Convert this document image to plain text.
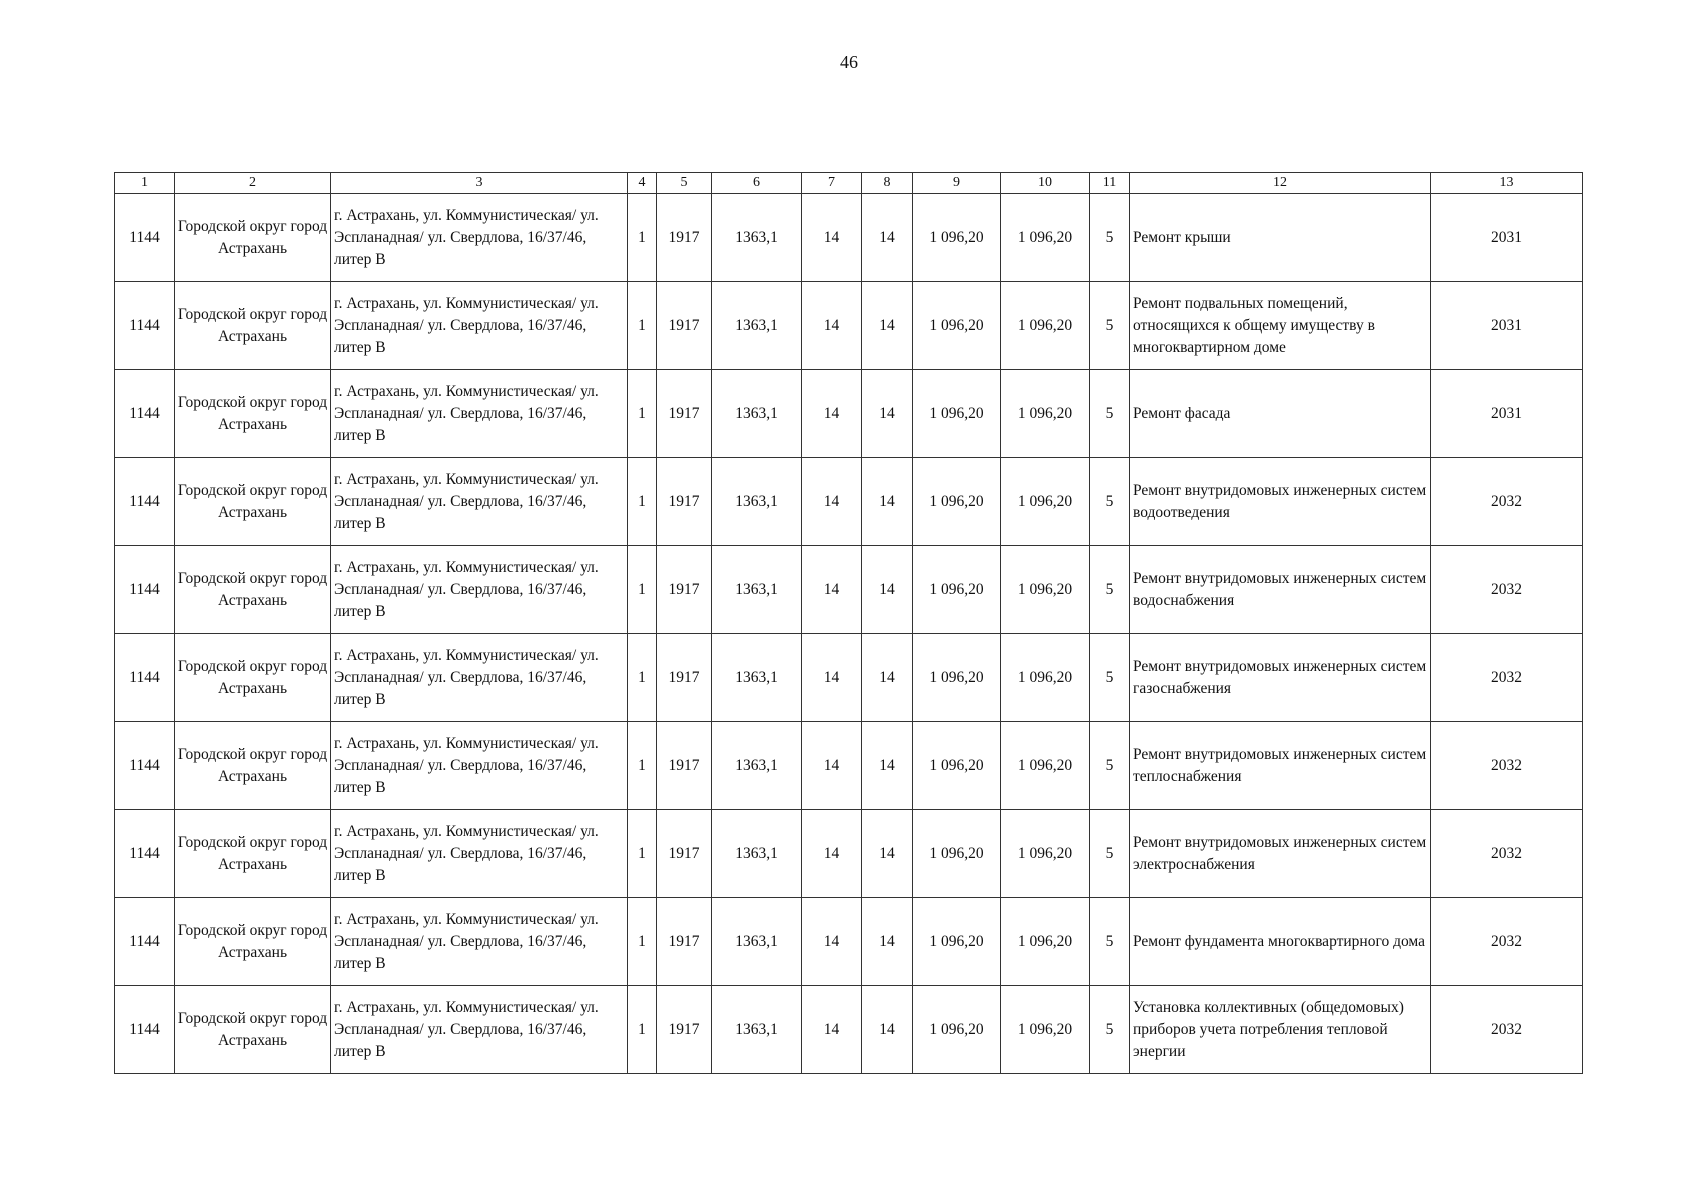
46
1	2	3	4	5	6	7	8	9	10	11	12	13
1144	Городской округ город Астрахань	г. Астрахань, ул. Коммунистическая/ ул. Эспланадная/ ул. Свердлова, 16/37/46, литер В	1	1917	1363,1	14	14	1 096,20	1 096,20	5	Ремонт крыши	2031
1144	Городской округ город Астрахань	г. Астрахань, ул. Коммунистическая/ ул. Эспланадная/ ул. Свердлова, 16/37/46, литер В	1	1917	1363,1	14	14	1 096,20	1 096,20	5	Ремонт подвальных помещений, относящихся к общему имуществу в многоквартирном доме	2031
1144	Городской округ город Астрахань	г. Астрахань, ул. Коммунистическая/ ул. Эспланадная/ ул. Свердлова, 16/37/46, литер В	1	1917	1363,1	14	14	1 096,20	1 096,20	5	Ремонт фасада	2031
1144	Городской округ город Астрахань	г. Астрахань, ул. Коммунистическая/ ул. Эспланадная/ ул. Свердлова, 16/37/46, литер В	1	1917	1363,1	14	14	1 096,20	1 096,20	5	Ремонт внутридомовых инженерных систем водоотведения	2032
1144	Городской округ город Астрахань	г. Астрахань, ул. Коммунистическая/ ул. Эспланадная/ ул. Свердлова, 16/37/46, литер В	1	1917	1363,1	14	14	1 096,20	1 096,20	5	Ремонт внутридомовых инженерных систем водоснабжения	2032
1144	Городской округ город Астрахань	г. Астрахань, ул. Коммунистическая/ ул. Эспланадная/ ул. Свердлова, 16/37/46, литер В	1	1917	1363,1	14	14	1 096,20	1 096,20	5	Ремонт внутридомовых инженерных систем газоснабжения	2032
1144	Городской округ город Астрахань	г. Астрахань, ул. Коммунистическая/ ул. Эспланадная/ ул. Свердлова, 16/37/46, литер В	1	1917	1363,1	14	14	1 096,20	1 096,20	5	Ремонт внутридомовых инженерных систем теплоснабжения	2032
1144	Городской округ город Астрахань	г. Астрахань, ул. Коммунистическая/ ул. Эспланадная/ ул. Свердлова, 16/37/46, литер В	1	1917	1363,1	14	14	1 096,20	1 096,20	5	Ремонт внутридомовых инженерных систем электроснабжения	2032
1144	Городской округ город Астрахань	г. Астрахань, ул. Коммунистическая/ ул. Эспланадная/ ул. Свердлова, 16/37/46, литер В	1	1917	1363,1	14	14	1 096,20	1 096,20	5	Ремонт фундамента многоквартирного дома	2032
1144	Городской округ город Астрахань	г. Астрахань, ул. Коммунистическая/ ул. Эспланадная/ ул. Свердлова, 16/37/46, литер В	1	1917	1363,1	14	14	1 096,20	1 096,20	5	Установка коллективных (общедомовых) приборов учета потребления тепловой энергии	2032
